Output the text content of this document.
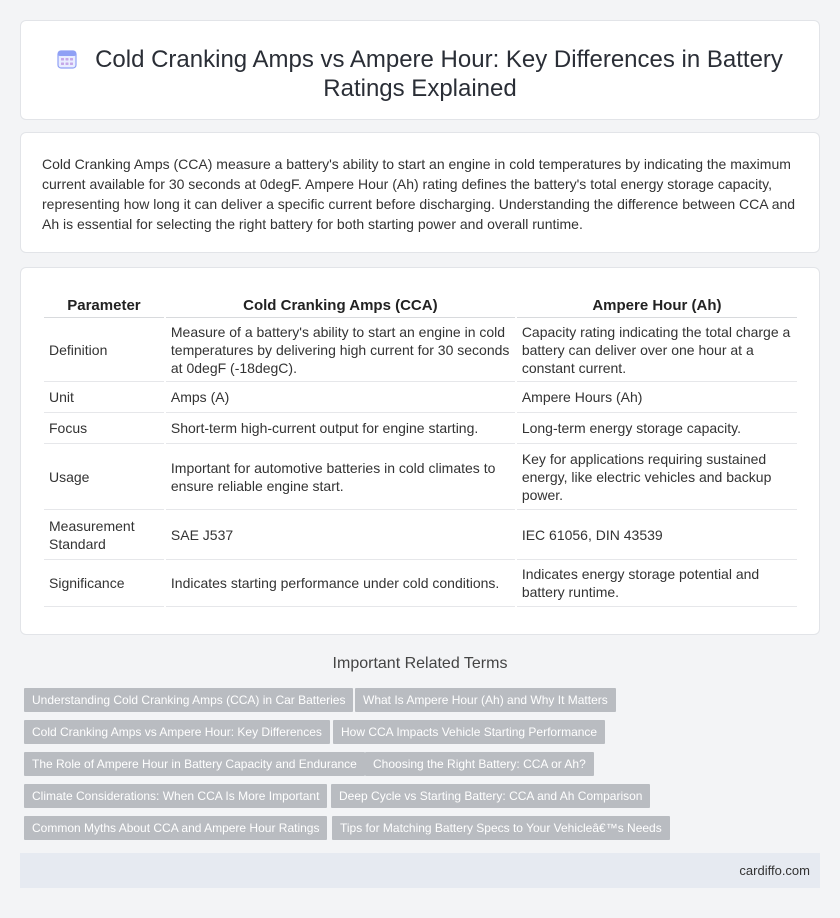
Cold Cranking Amps vs Ampere Hour: Key Differences in Battery Ratings Explained

Cold Cranking Amps (CCA) measure a battery's ability to start an engine in cold temperatures by indicating the maximum current available for 30 seconds at 0degF. Ampere Hour (Ah) rating defines the battery's total energy storage capacity, representing how long it can deliver a specific current before discharging. Understanding the difference between CCA and Ah is essential for selecting the right battery for both starting power and overall runtime.

Parameter	Cold Cranking Amps (CCA)	Ampere Hour (Ah)
Definition	Measure of a battery's ability to start an engine in cold temperatures by delivering high current for 30 seconds at 0degF (-18degC).	Capacity rating indicating the total charge a battery can deliver over one hour at a constant current.
Unit	Amps (A)	Ampere Hours (Ah)
Focus	Short-term high-current output for engine starting.	Long-term energy storage capacity.
Usage	Important for automotive batteries in cold climates to ensure reliable engine start.	Key for applications requiring sustained energy, like electric vehicles and backup power.
Measurement Standard	SAE J537	IEC 61056, DIN 43539
Significance	Indicates starting performance under cold conditions.	Indicates energy storage potential and battery runtime.
Important Related Terms
Understanding Cold Cranking Amps (CCA) in Car Batteries	What Is Ampere Hour (Ah) and Why It Matters
Cold Cranking Amps vs Ampere Hour: Key Differences	How CCA Impacts Vehicle Starting Performance
The Role of Ampere Hour in Battery Capacity and Endurance	Choosing the Right Battery: CCA or Ah?
Climate Considerations: When CCA Is More Important	Deep Cycle vs Starting Battery: CCA and Ah Comparison
Common Myths About CCA and Ampere Hour Ratings	Tips for Matching Battery Specs to Your Vehicleâ€™s Needs
cardiffo.com
